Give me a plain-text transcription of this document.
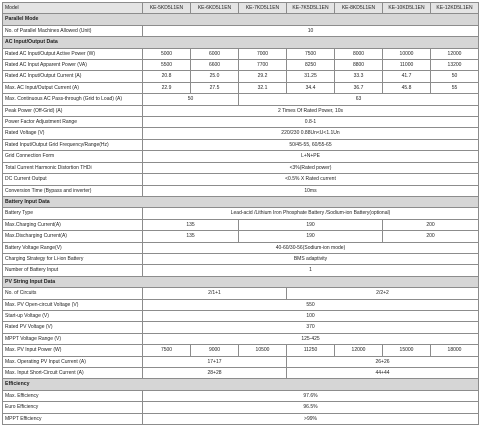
Model	KE-5KD5L1EN	KE-6KD5L1EN	KE-7KD5L1EN	KE-7K5D5L1EN	KE-8KD5L1EN	KE-10KD5L1EN	KE-12KD5L1EN
Parallel Mode							
No. of Parallel Machines Allowed (Unit)	10						
AC Input/Output Data							
Rated AC Input/Output Active Power (W)	5000	6000	7000	7500	8000	10000	12000
Rated AC Input Apparent Power (VA)	5500	6600	7700	8250	8800	11000	13200
Rated AC Input/Output Current (A)	20.8	25.0	29.2	31.25	33.3	41.7	50
Max. AC Input/Output Current (A)	22.9	27.5	32.1	34.4	36.7	45.8	55
Max. Continuous AC Pass-through (Grid to Load) (A)	50		63				
Peak Power (Off-Grid) (A)	2 Times Of Rated Power, 10s						
Power Factor Adjustment Range	0.8-1						
Rated Voltage (V)	220/230 0.88Un<U<1.1Un						
Rated Input/Output Grid Frequency/Range(Hz)	50/45-55, 60/55-65						
Grid Connection Form	L+N+PE						
Total Current Harmonic Distortion THDi	<3%(Rated power)						
DC Current Output	<0.5% X Rated current						
Conversion Time (Bypass and inverter)	10ms						
Battery Input Data							
Battery Type	Lead-acid /Lithium Iron Phosphate Battery /Sodium-ion Battery(optional)						
Max.Charging Current(A)	135		190			200	
Max.Discharging Current(A)	135		190			200	
Battery Voltage Range(V)	40-60/30-56(Sodium-ion mode)						
Charging Strategy for Li-ion Battery	BMS adaptivity						
Number of Battery Input	1						
PV String Input Data							
No. of Circuits	2/1+1			2/2+2			
Max. PV Open-circuit Voltage (V)	550						
Start-up Voltage (V)	100						
Rated PV Voltage (V)	370						
MPPT Voltage Range (V)	125-425						
Max. PV Input Power (W)	7500	9000	10500	11250	12000	15000	18000
Max. Operating PV Input Current (A)	17+17			26+26			
Max. Input Short-Circuit Current (A)	28+28			44+44			
Efficiency							
Max. Efficiency	97.6%						
Euro Efficiency	96.5%						
MPPT Efficiency	>99%						
